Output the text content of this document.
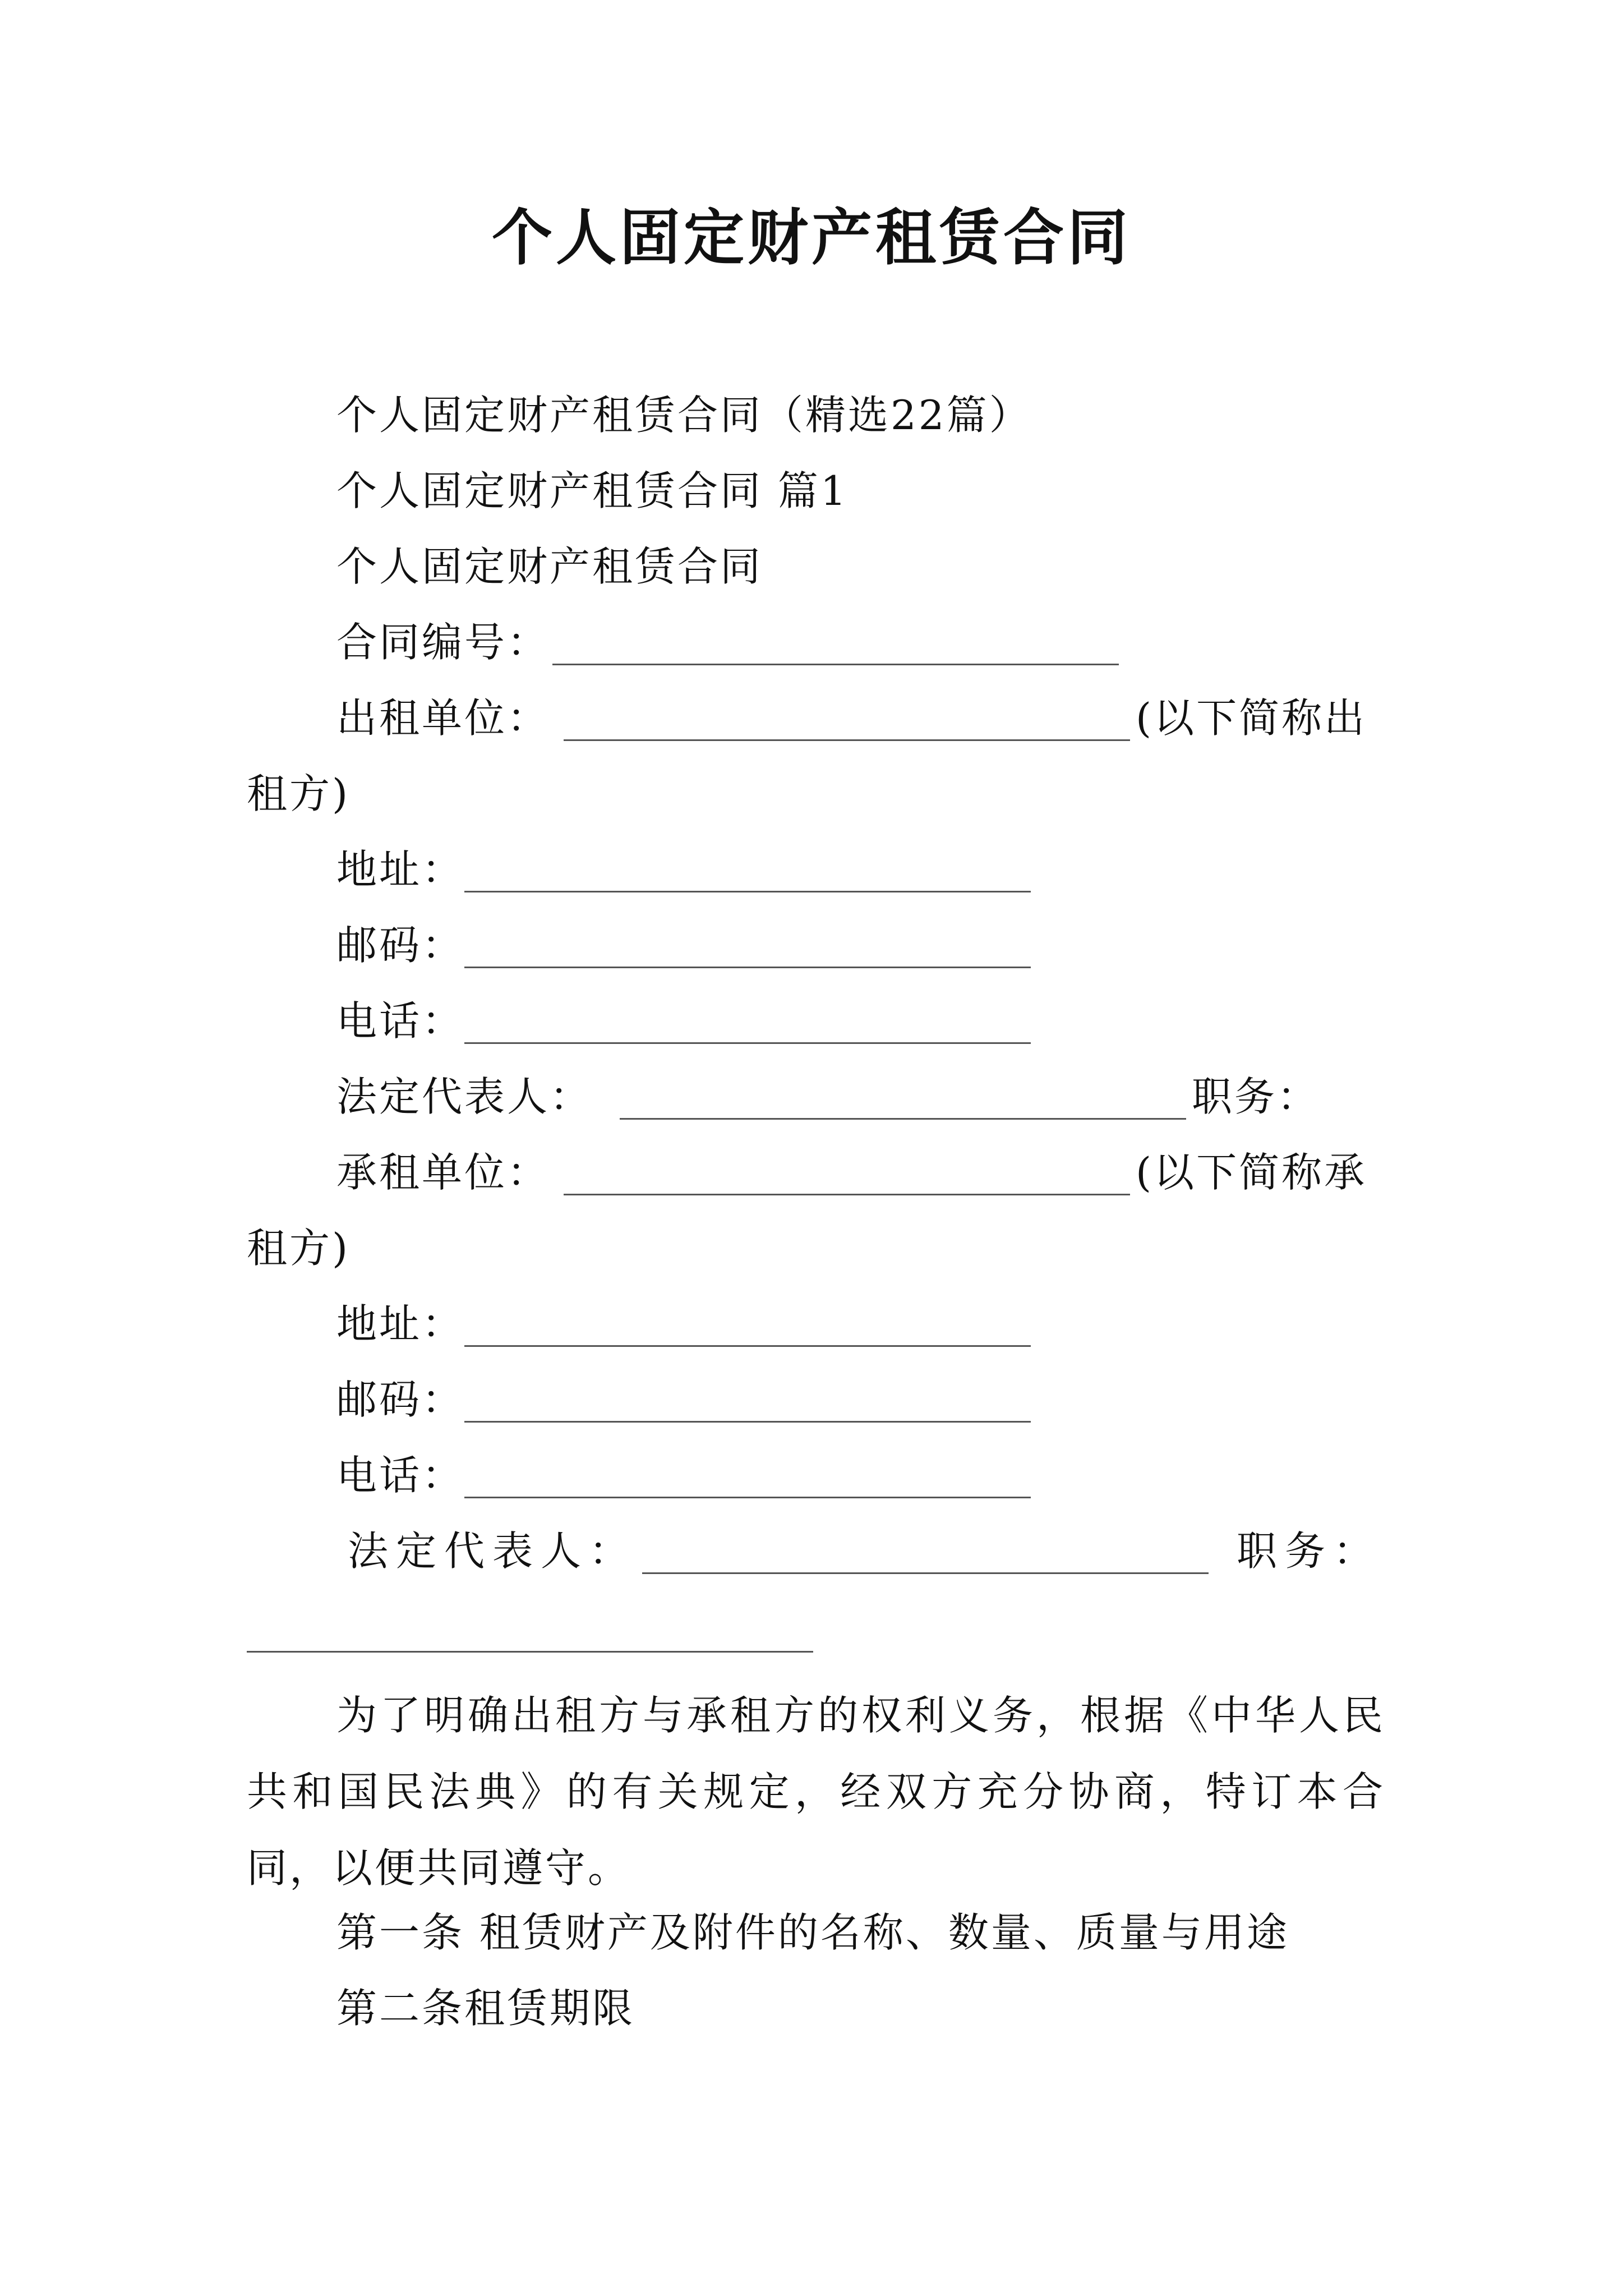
个人固定财产租赁合同
个人固定财产租赁合同（精选22篇）
个人固定财产租赁合同 篇1
个人固定财产租赁合同
合同编号：
出租单位：	(以下简称出
租方)
地址：
邮码：
电话：
法定代表人：	职务：
承租单位：	(以下简称承
租方)
地址：
邮码：
电话：
法定代表人：	职务：
为了明确出租方与承租方的权利义务，根据《中华人民共和国民法典》的有关规定，经双方充分协商，特订本合同，以便共同遵守。
第一条 租赁财产及附件的名称、数量、质量与用途
第二条租赁期限
